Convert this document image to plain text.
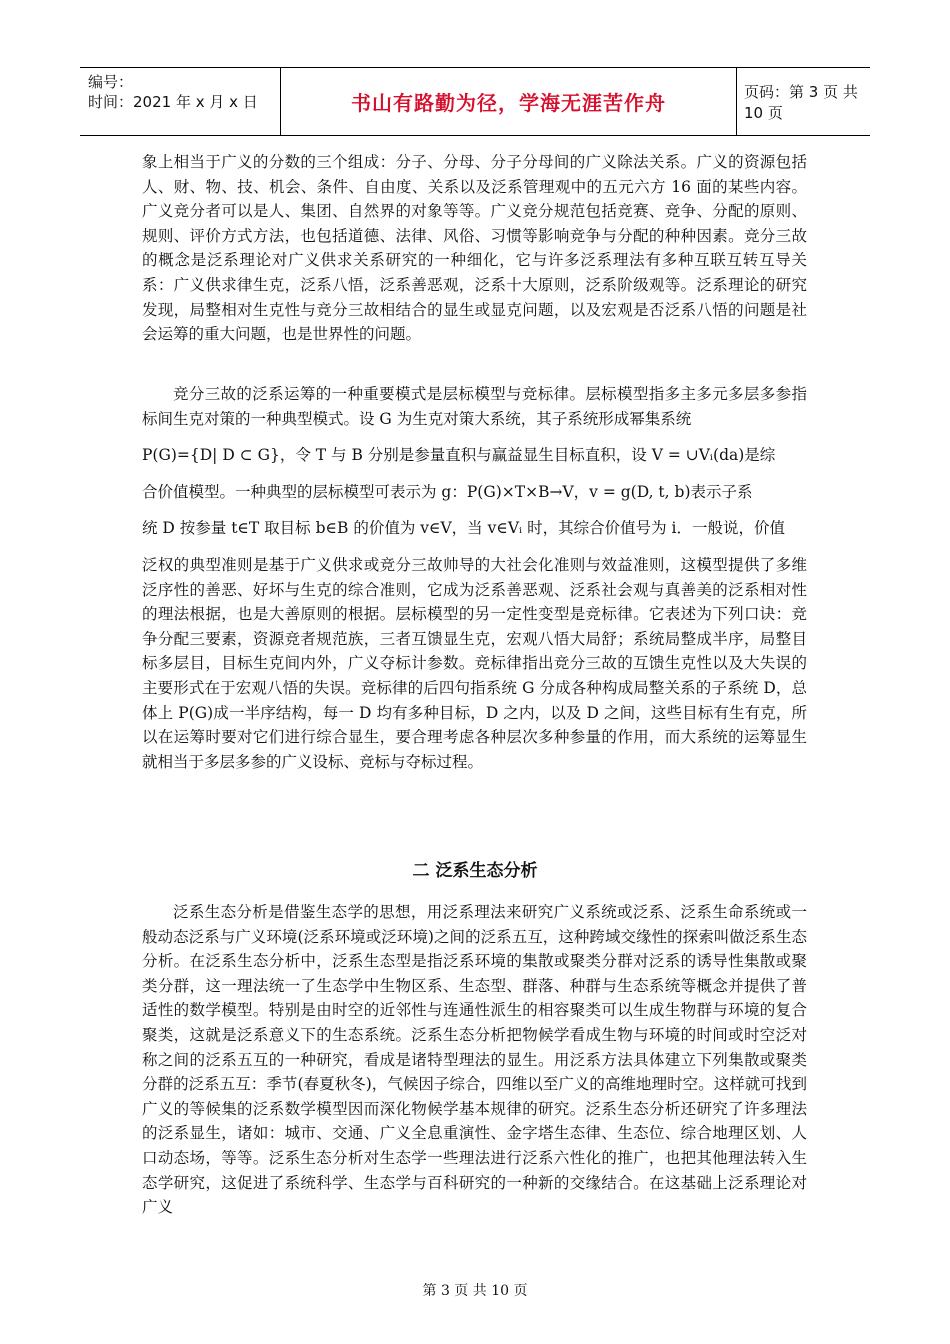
编号：
时间：2021 年 x 月 x 日	书山有路勤为径，学海无涯苦作舟	页码：第 3 页 共 10 页

象上相当于广义的分数的三个组成：分子、分母、分子分母间的广义除法关系。广义的资源包括人、财、物、技、机会、条件、自由度、关系以及泛系管理观中的五元六方 16 面的某些内容。广义竞分者可以是人、集团、自然界的对象等等。广义竞分规范包括竞赛、竞争、分配的原则、规则、评价方式方法，也包括道德、法律、风俗、习惯等影响竞争与分配的种种因素。竞分三故的概念是泛系理论对广义供求关系研究的一种细化，它与许多泛系理法有多种互联互转互导关系：广义供求律生克，泛系八悟，泛系善恶观，泛系十大原则，泛系阶级观等。泛系理论的研究发现，局整相对生克性与竞分三故相结合的显生或显克问题，以及宏观是否泛系八悟的问题是社会运筹的重大问题，也是世界性的问题。

竞分三故的泛系运筹的一种重要模式是层标模型与竞标律。层标模型指多主多元多层多参指标间生克对策的一种典型模式。设 G 为生克对策大系统，其子系统形成幂集系统

P(G)={D| D ⊂ G}，令 T 与 B 分别是参量直积与赢益显生目标直积，设 V = ∪Vᵢ(da)是综

合价值模型。一种典型的层标模型可表示为 g：P(G)×T×B→V，v = g(D, t, b)表示子系

统 D 按参量 t∈T 取目标 b∈B 的价值为 v∈V，当 v∈Vᵢ 时，其综合价值号为 i．一般说，价值

泛权的典型准则是基于广义供求或竞分三故帅导的大社会化准则与效益准则，这模型提供了多维泛序性的善恶、好坏与生克的综合准则，它成为泛系善恶观、泛系社会观与真善美的泛系相对性的理法根据，也是大善原则的根据。层标模型的另一定性变型是竞标律。它表述为下列口诀：竞争分配三要素，资源竞者规范族，三者互馈显生克，宏观八悟大局舒；系统局整成半序，局整目标多层目，目标生克间内外，广义夺标计参数。竞标律指出竞分三故的互馈生克性以及大失误的主要形式在于宏观八悟的失误。竞标律的后四句指系统 G 分成各种构成局整关系的子系统 D，总体上 P(G)成一半序结构，每一 D 均有多种目标，D 之内，以及 D 之间，这些目标有生有克，所以在运筹时要对它们进行综合显生，要合理考虑各种层次多种参量的作用，而大系统的运筹显生就相当于多层多参的广义设标、竞标与夺标过程。

二 泛系生态分析

泛系生态分析是借鉴生态学的思想，用泛系理法来研究广义系统或泛系、泛系生命系统或一般动态泛系与广义环境(泛系环境或泛环境)之间的泛系五互，这种跨域交缘性的探索叫做泛系生态分析。在泛系生态分析中，泛系生态型是指泛系环境的集散或聚类分群对泛系的诱导性集散或聚类分群，这一理法统一了生态学中生物区系、生态型、群落、种群与生态系统等概念并提供了普适性的数学模型。特别是由时空的近邻性与连通性派生的相容聚类可以生成生物群与环境的复合聚类，这就是泛系意义下的生态系统。泛系生态分析把物候学看成生物与环境的时间或时空泛对称之间的泛系五互的一种研究，看成是诸特型理法的显生。用泛系方法具体建立下列集散或聚类分群的泛系五互：季节(春夏秋冬)，气候因子综合，四维以至广义的高维地理时空。这样就可找到广义的等候集的泛系数学模型因而深化物候学基本规律的研究。泛系生态分析还研究了许多理法的泛系显生，诸如：城市、交通、广义全息重演性、金字塔生态律、生态位、综合地理区划、人口动态场，等等。泛系生态分析对生态学一些理法进行泛系六性化的推广，也把其他理法转入生态学研究，这促进了系统科学、生态学与百科研究的一种新的交缘结合。在这基础上泛系理论对广义

第 3 页 共 10 页
